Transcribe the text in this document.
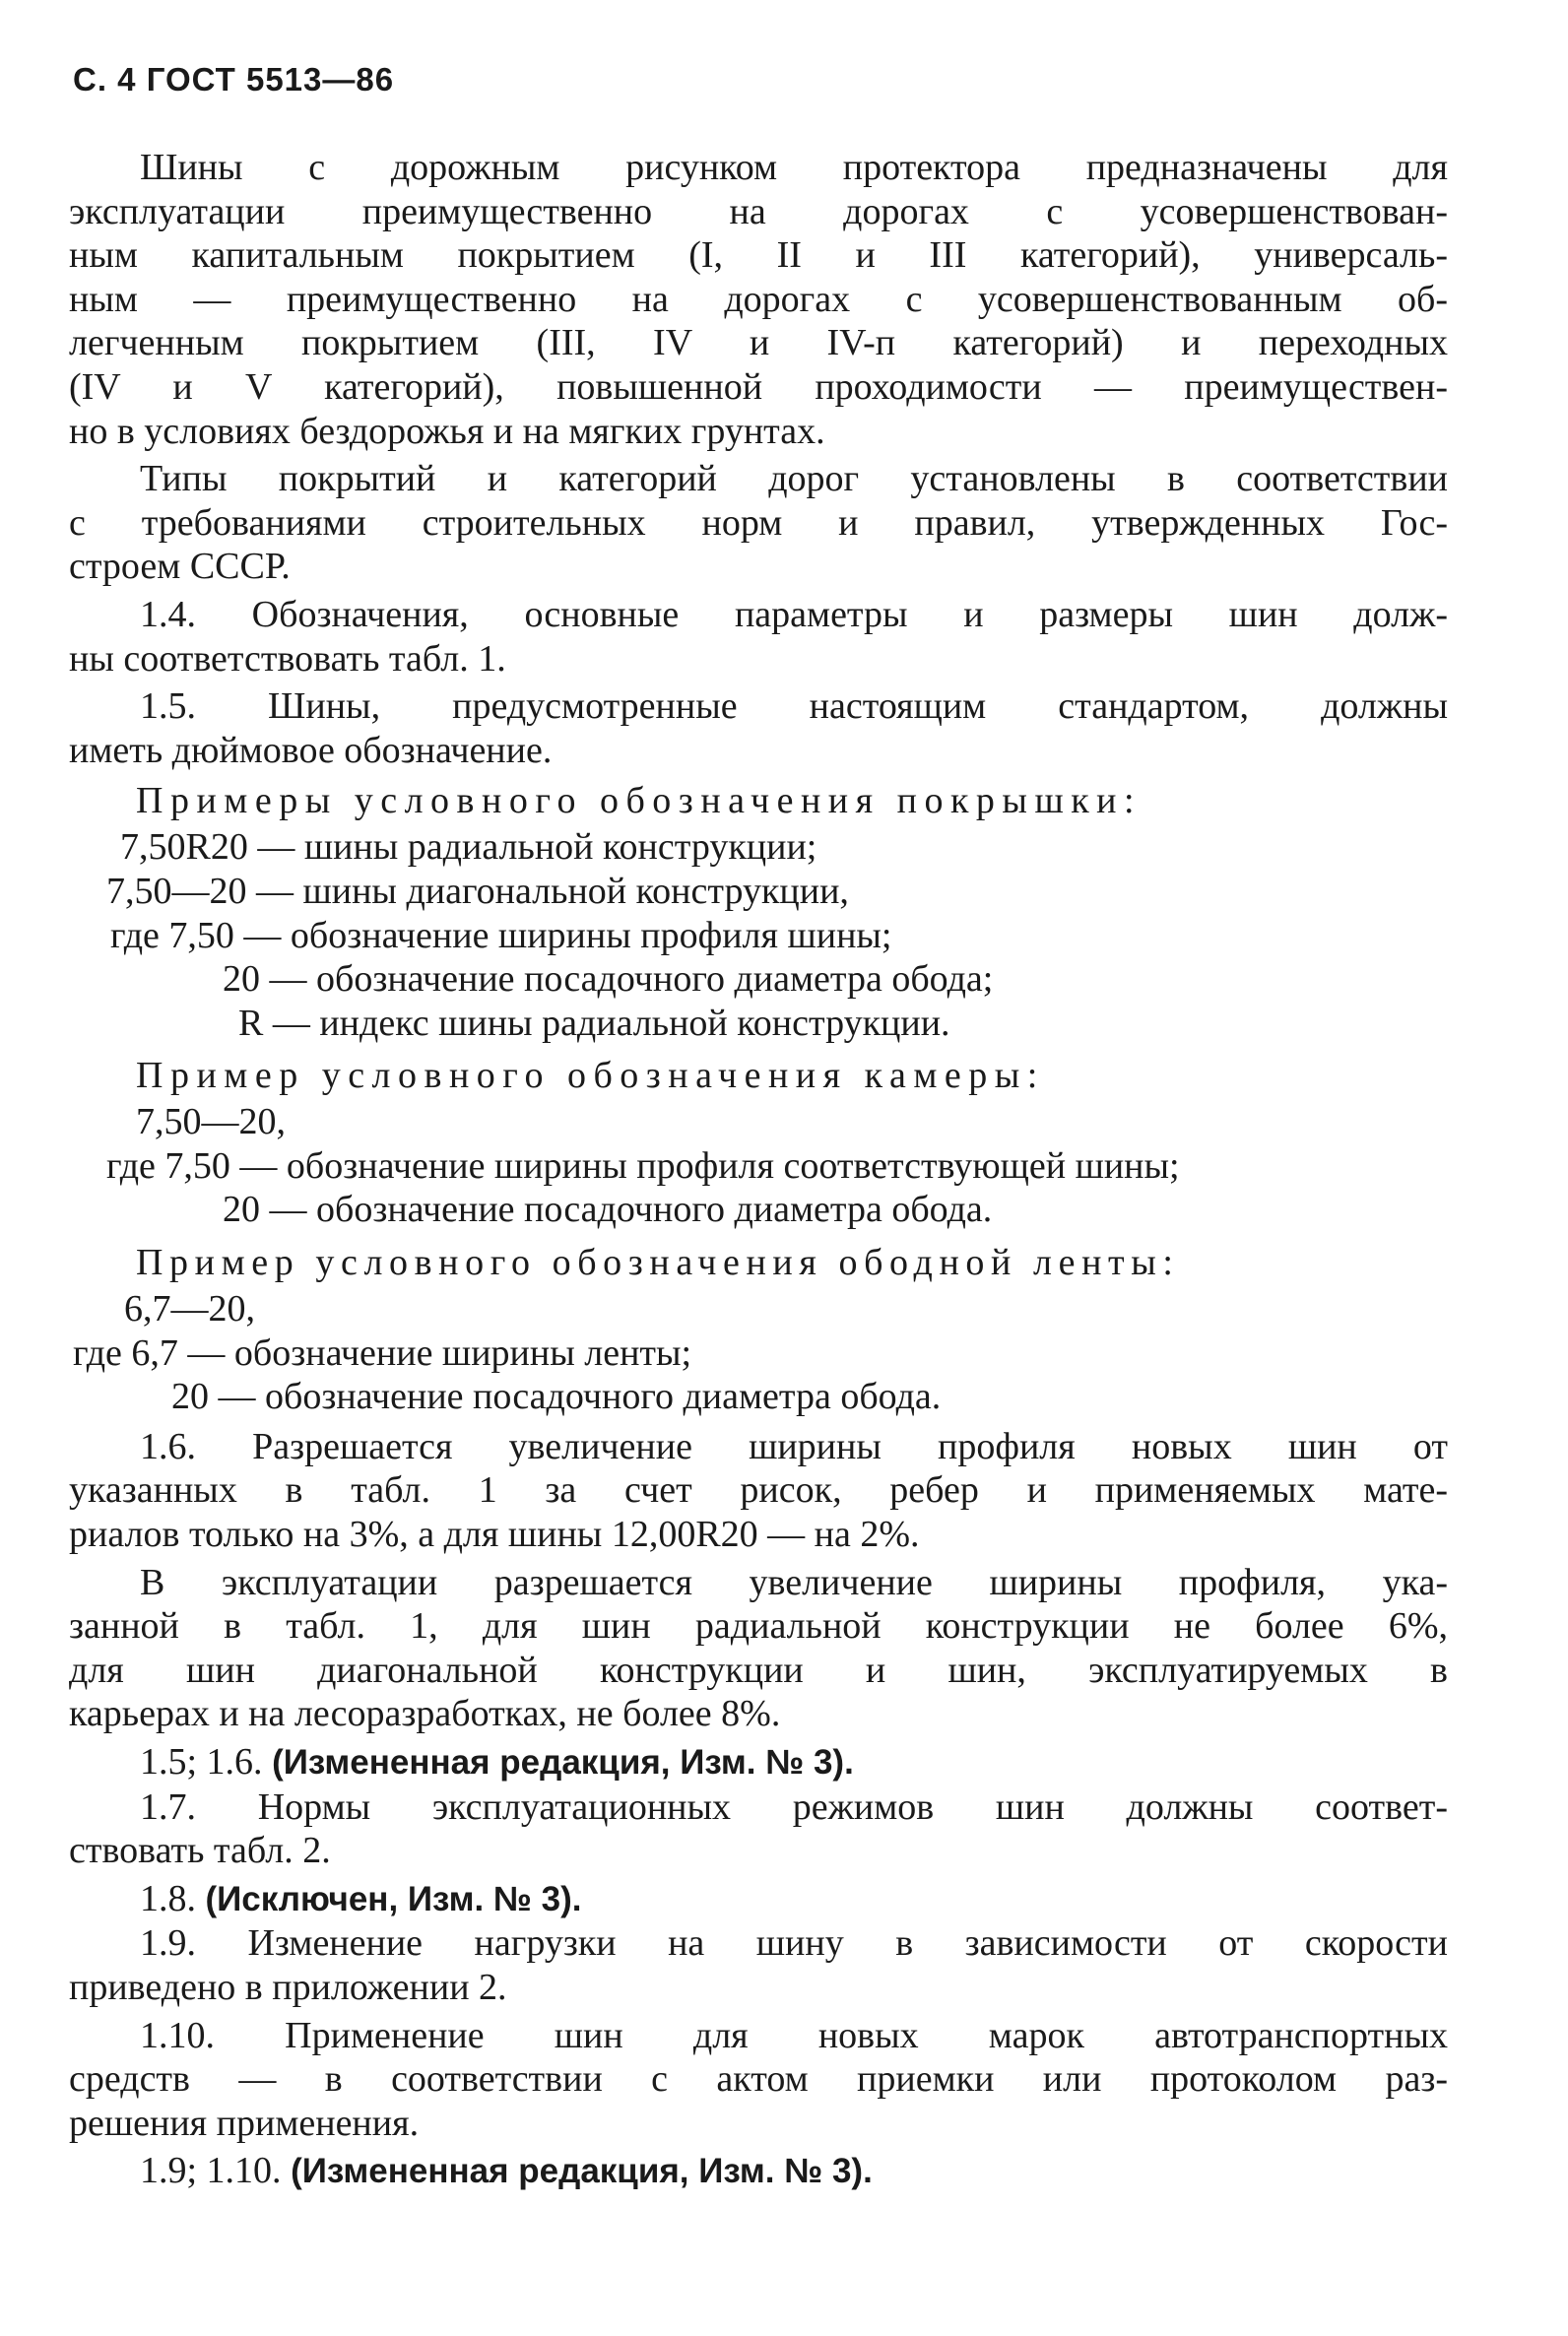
С. 4 ГОСТ 5513—86
Шины с дорожным рисунком протектора предназначены для
эксплуатации преимущественно на дорогах с усовершенствован-
ным капитальным покрытием (I, II и III категорий), универсаль-
ным — преимущественно на дорогах с усовершенствованным об-
легченным покрытием (III, IV и IV-п категорий) и переходных
(IV и V категорий), повышенной проходимости — преимуществен-
но в условиях бездорожья и на мягких грунтах.
Типы покрытий и категорий дорог установлены в соответствии
с требованиями строительных норм и правил, утвержденных Гос-
строем СССР.
1.4. Обозначения, основные параметры и размеры шин долж-
ны соответствовать табл. 1.
1.5. Шины, предусмотренные настоящим стандартом, должны
иметь дюймовое обозначение.
Примеры условного обозначения покрышки:
7,50R20 — шины радиальной конструкции;
7,50—20 — шины диагональной конструкции,
где 7,50 — обозначение ширины профиля шины;
20 — обозначение посадочного диаметра обода;
R — индекс шины радиальной конструкции.
Пример условного обозначения камеры:
7,50—20,
где 7,50 — обозначение ширины профиля соответствующей шины;
20 — обозначение посадочного диаметра обода.
Пример условного обозначения ободной ленты:
6,7—20,
где 6,7 — обозначение ширины ленты;
20 — обозначение посадочного диаметра обода.
1.6. Разрешается увеличение ширины профиля новых шин от
указанных в табл. 1 за счет рисок, ребер и применяемых мате-
риалов только на 3%, а для шины 12,00R20 — на 2%.
В эксплуатации разрешается увеличение ширины профиля, ука-
занной в табл. 1, для шин радиальной конструкции не более 6%,
для шин диагональной конструкции и шин, эксплуатируемых в
карьерах и на лесоразработках, не более 8%.
1.5; 1.6. (Измененная редакция, Изм. № 3).
1.7. Нормы эксплуатационных режимов шин должны соответ-
ствовать табл. 2.
1.8. (Исключен, Изм. № 3).
1.9. Изменение нагрузки на шину в зависимости от скорости
приведено в приложении 2.
1.10. Применение шин для новых марок автотранспортных
средств — в соответствии с актом приемки или протоколом раз-
решения применения.
1.9; 1.10. (Измененная редакция, Изм. № 3).
